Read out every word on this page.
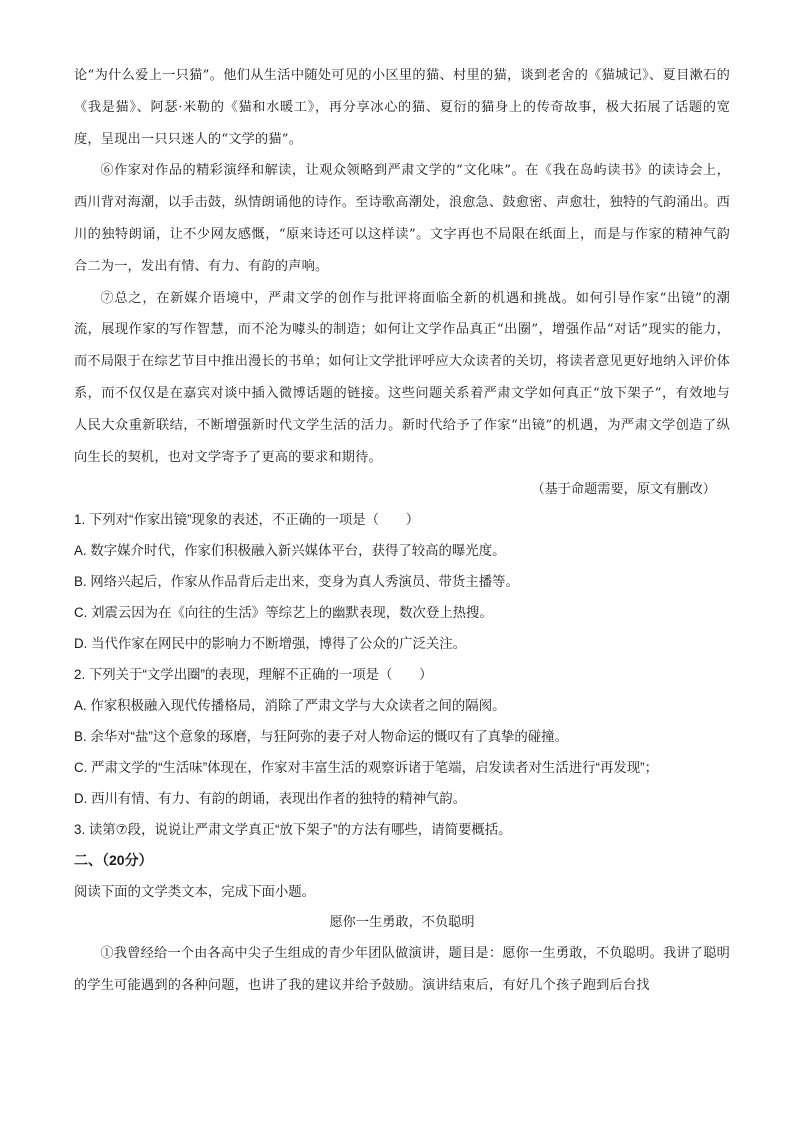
论“为什么爱上一只猫”。他们从生活中随处可见的小区里的猫、村里的猫，谈到老舍的《猫城记》、夏目漱石的《我是猫》、阿瑟·米勒的《猫和水暖工》，再分享冰心的猫、夏衍的猫身上的传奇故事，极大拓展了话题的宽度，呈现出一只只迷人的“文学的猫”。

⑥作家对作品的精彩演绎和解读，让观众领略到严肃文学的“文化味”。在《我在岛屿读书》的读诗会上，西川背对海潮，以手击鼓，纵情朗诵他的诗作。至诗歌高潮处，浪愈急、鼓愈密、声愈壮，独特的气韵涌出。西川的独特朗诵，让不少网友感慨，“原来诗还可以这样读”。文字再也不局限在纸面上，而是与作家的精神气韵合二为一，发出有情、有力、有韵的声响。

⑦总之，在新媒介语境中，严肃文学的创作与批评将面临全新的机遇和挑战。如何引导作家“出镜”的潮流，展现作家的写作智慧，而不沦为噱头的制造；如何让文学作品真正“出圈”，增强作品“对话”现实的能力，而不局限于在综艺节目中推出漫长的书单；如何让文学批评呼应大众读者的关切，将读者意见更好地纳入评价体系，而不仅仅是在嘉宾对谈中插入微博话题的链接。这些问题关系着严肃文学如何真正“放下架子”，有效地与人民大众重新联结，不断增强新时代文学生活的活力。新时代给予了作家“出镜”的机遇，为严肃文学创造了纵向生长的契机，也对文学寄予了更高的要求和期待。

（基于命题需要，原文有删改）

1. 下列对“作家出镜”现象的表述，不正确的一项是（　　）

A. 数字媒介时代，作家们积极融入新兴媒体平台，获得了较高的曝光度。

B. 网络兴起后，作家从作品背后走出来，变身为真人秀演员、带货主播等。

C. 刘震云因为在《向往的生活》等综艺上的幽默表现，数次登上热搜。

D. 当代作家在网民中的影响力不断增强，博得了公众的广泛关注。

2. 下列关于“文学出圈”的表现，理解不正确的一项是（　　）

A. 作家积极融入现代传播格局，消除了严肃文学与大众读者之间的隔阂。

B. 余华对“盐”这个意象的琢磨，与狂阿弥的妻子对人物命运的慨叹有了真挚的碰撞。

C. 严肃文学的“生活味”体现在，作家对丰富生活的观察诉诸于笔端，启发读者对生活进行“再发现”；

D. 西川有情、有力、有韵的朗诵，表现出作者的独特的精神气韵。

3. 读第⑦段，说说让严肃文学真正“放下架子”的方法有哪些，请简要概括。

二、（20分）

阅读下面的文学类文本，完成下面小题。

愿你一生勇敢，不负聪明

①我曾经给一个由各高中尖子生组成的青少年团队做演讲，题目是：愿你一生勇敢，不负聪明。我讲了聪明的学生可能遇到的各种问题，也讲了我的建议并给予鼓励。演讲结束后，有好几个孩子跑到后台找
